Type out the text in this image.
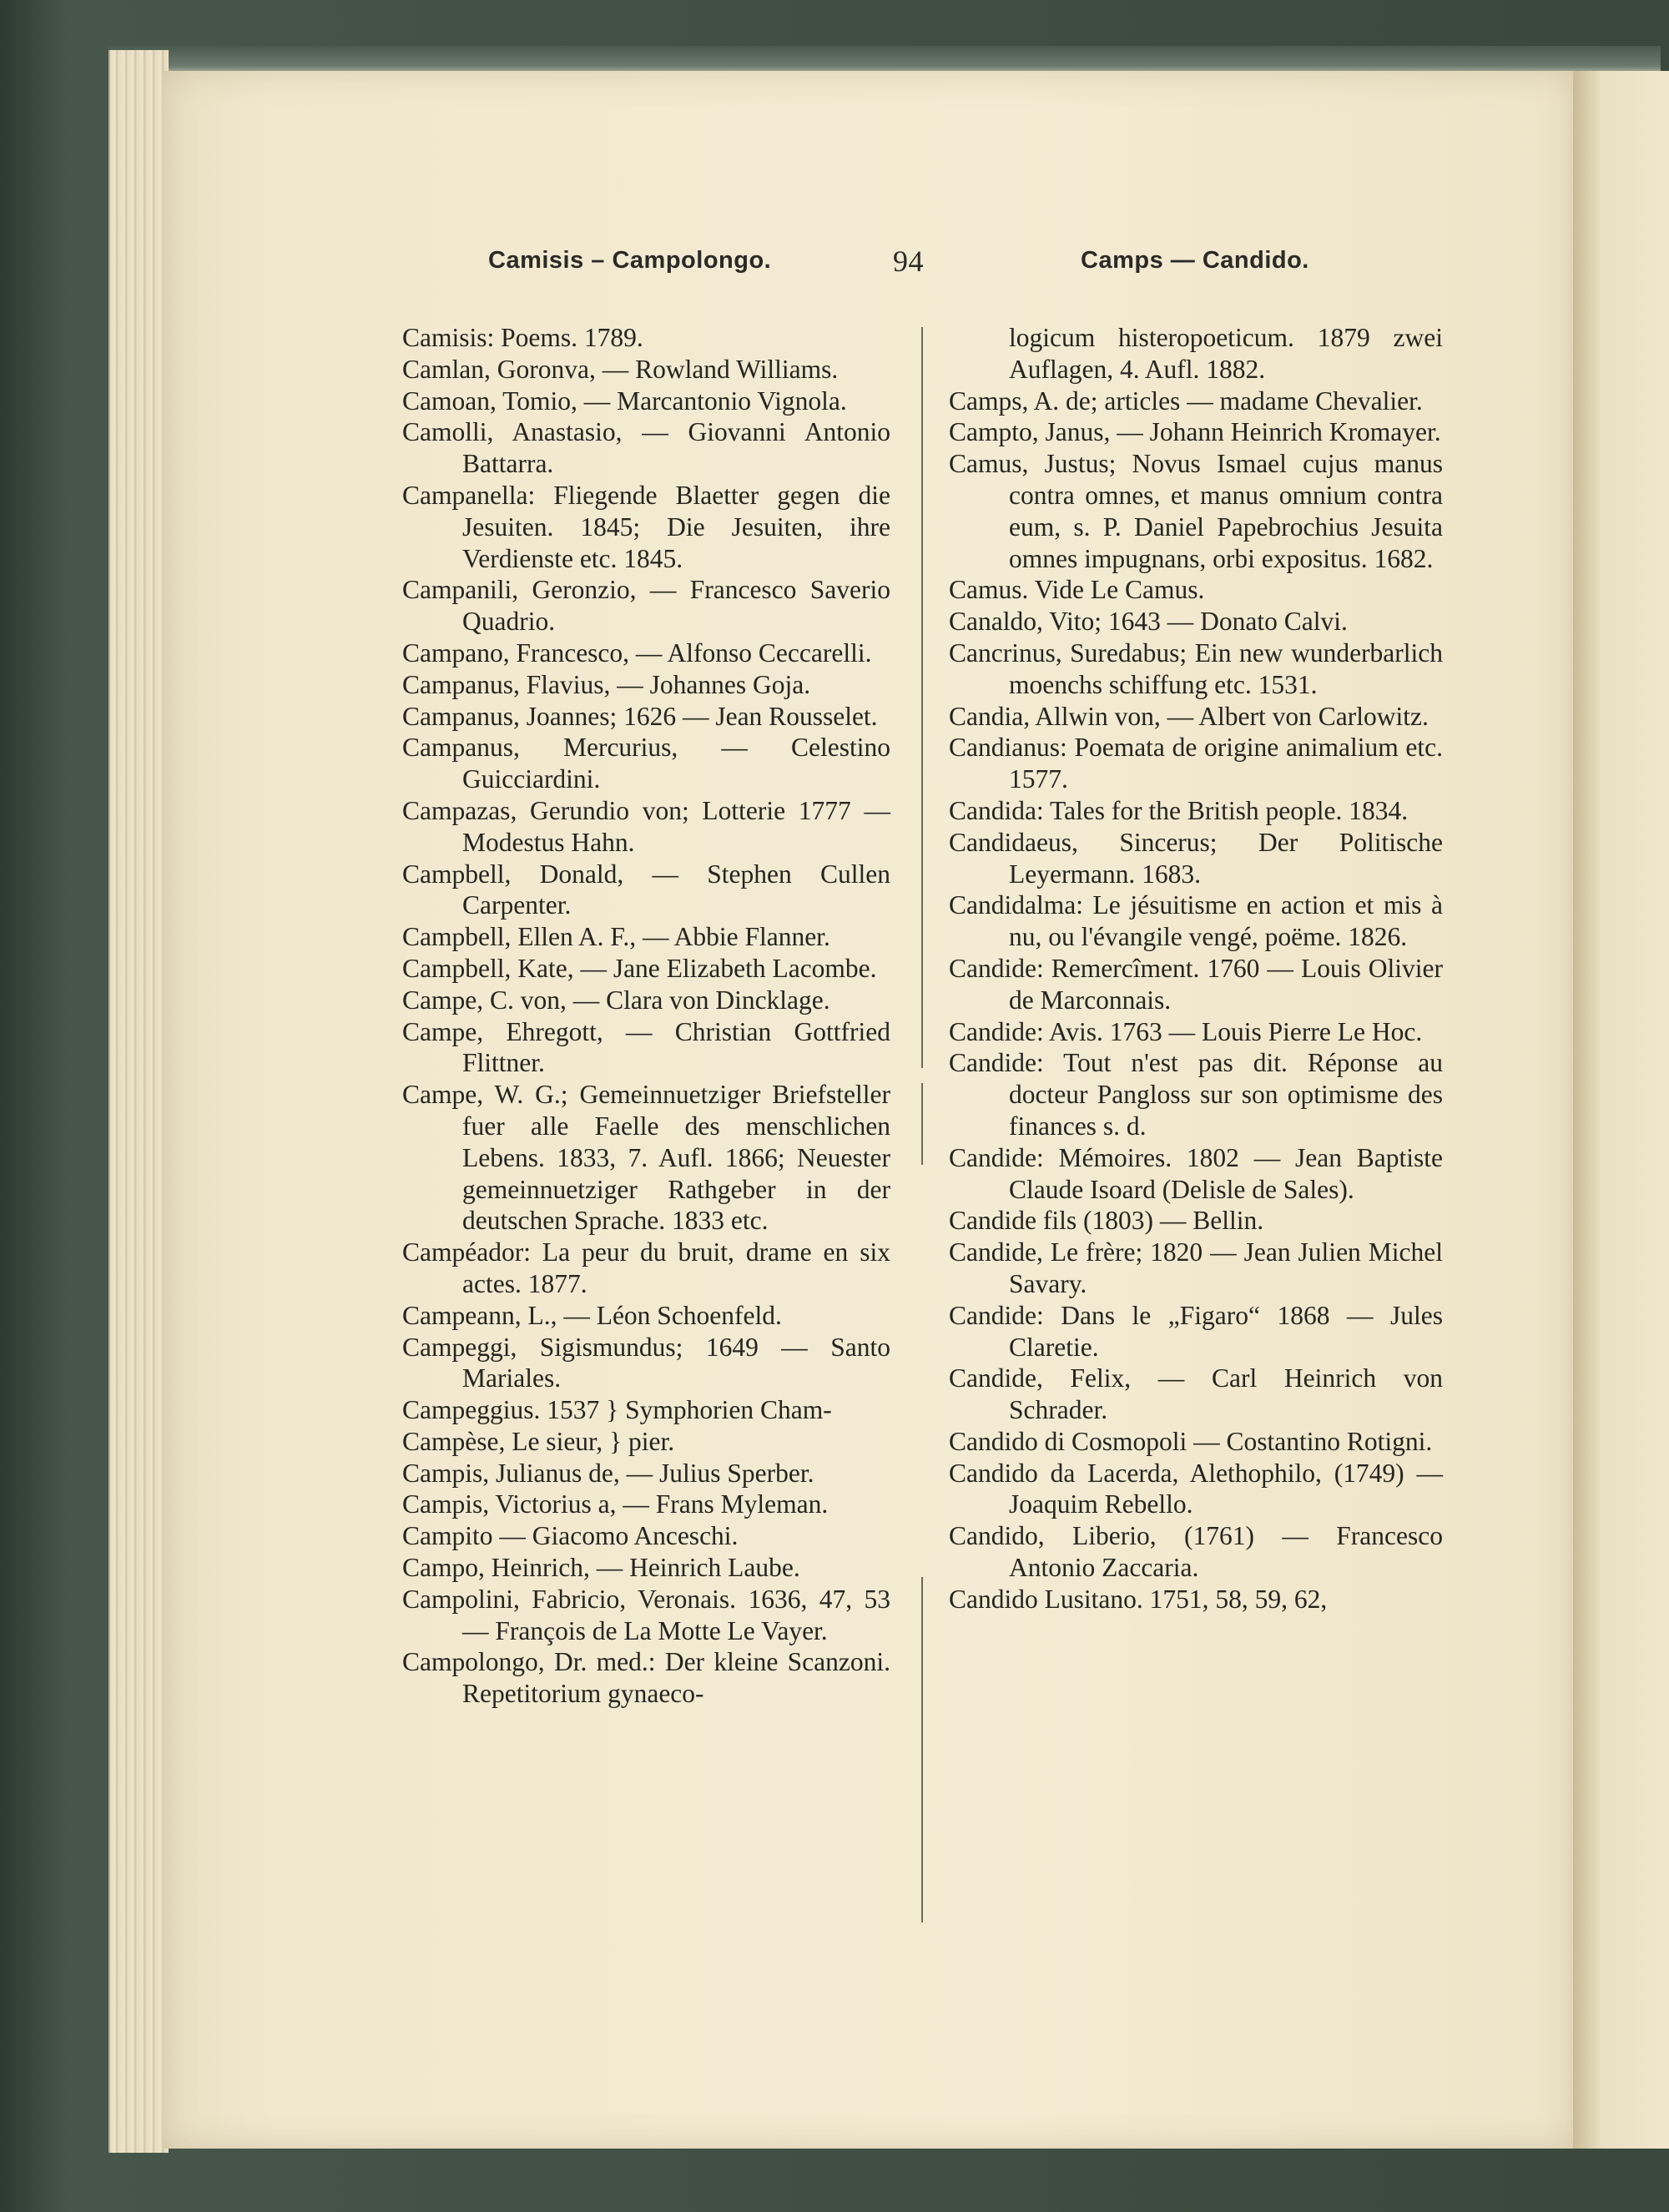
Camisis – Campolongo.	94	Camps — Candido.
Camisis: Poems. 1789.
Camlan, Goronva, — Rowland Williams.
Camoan, Tomio, — Marcantonio Vignola.
Camolli, Anastasio, — Giovanni Antonio Battarra.
Campanella: Fliegende Blaetter gegen die Jesuiten. 1845; Die Jesuiten, ihre Verdienste etc. 1845.
Campanili, Geronzio, — Francesco Saverio Quadrio.
Campano, Francesco, — Alfonso Ceccarelli.
Campanus, Flavius, — Johannes Goja.
Campanus, Joannes; 1626 — Jean Rousselet.
Campanus, Mercurius, — Celestino Guicciardini.
Campazas, Gerundio von; Lotterie 1777 — Modestus Hahn.
Campbell, Donald, — Stephen Cullen Carpenter.
Campbell, Ellen A. F., — Abbie Flanner.
Campbell, Kate, — Jane Elizabeth Lacombe.
Campe, C. von, — Clara von Dincklage.
Campe, Ehregott, — Christian Gottfried Flittner.
Campe, W. G.; Gemeinnuetziger Briefsteller fuer alle Faelle des menschlichen Lebens. 1833, 7. Aufl. 1866; Neuester gemeinnuetziger Rathgeber in der deutschen Sprache. 1833 etc.
Campéador: La peur du bruit, drame en six actes. 1877.
Campeann, L., — Léon Schoenfeld.
Campeggi, Sigismundus; 1649 — Santo Mariales.
Campeggius. 1537 } Symphorien Cham-
Campèse, Le sieur, } pier.
Campis, Julianus de, — Julius Sperber.
Campis, Victorius a, — Frans Myleman.
Campito — Giacomo Anceschi.
Campo, Heinrich, — Heinrich Laube.
Campolini, Fabricio, Veronais. 1636, 47, 53 — François de La Motte Le Vayer.
Campolongo, Dr. med.: Der kleine Scanzoni. Repetitorium gynaeco-
logicum histeropoeticum. 1879 zwei Auflagen, 4. Aufl. 1882.
Camps, A. de; articles — madame Chevalier.
Campto, Janus, — Johann Heinrich Kromayer.
Camus, Justus; Novus Ismael cujus manus contra omnes, et manus omnium contra eum, s. P. Daniel Papebrochius Jesuita omnes impugnans, orbi expositus. 1682.
Camus. Vide Le Camus.
Canaldo, Vito; 1643 — Donato Calvi.
Cancrinus, Suredabus; Ein new wunderbarlich moenchs schiffung etc. 1531.
Candia, Allwin von, — Albert von Carlowitz.
Candianus: Poemata de origine animalium etc. 1577.
Candida: Tales for the British people. 1834.
Candidaeus, Sincerus; Der Politische Leyermann. 1683.
Candidalma: Le jésuitisme en action et mis à nu, ou l'évangile vengé, poëme. 1826.
Candide: Remercîment. 1760 — Louis Olivier de Marconnais.
Candide: Avis. 1763 — Louis Pierre Le Hoc.
Candide: Tout n'est pas dit. Réponse au docteur Pangloss sur son optimisme des finances s. d.
Candide: Mémoires. 1802 — Jean Baptiste Claude Isoard (Delisle de Sales).
Candide fils (1803) — Bellin.
Candide, Le frère; 1820 — Jean Julien Michel Savary.
Candide: Dans le „Figaro“ 1868 — Jules Claretie.
Candide, Felix, — Carl Heinrich von Schrader.
Candido di Cosmopoli — Costantino Rotigni.
Candido da Lacerda, Alethophilo, (1749) — Joaquim Rebello.
Candido, Liberio, (1761) — Francesco Antonio Zaccaria.
Candido Lusitano. 1751, 58, 59, 62,
